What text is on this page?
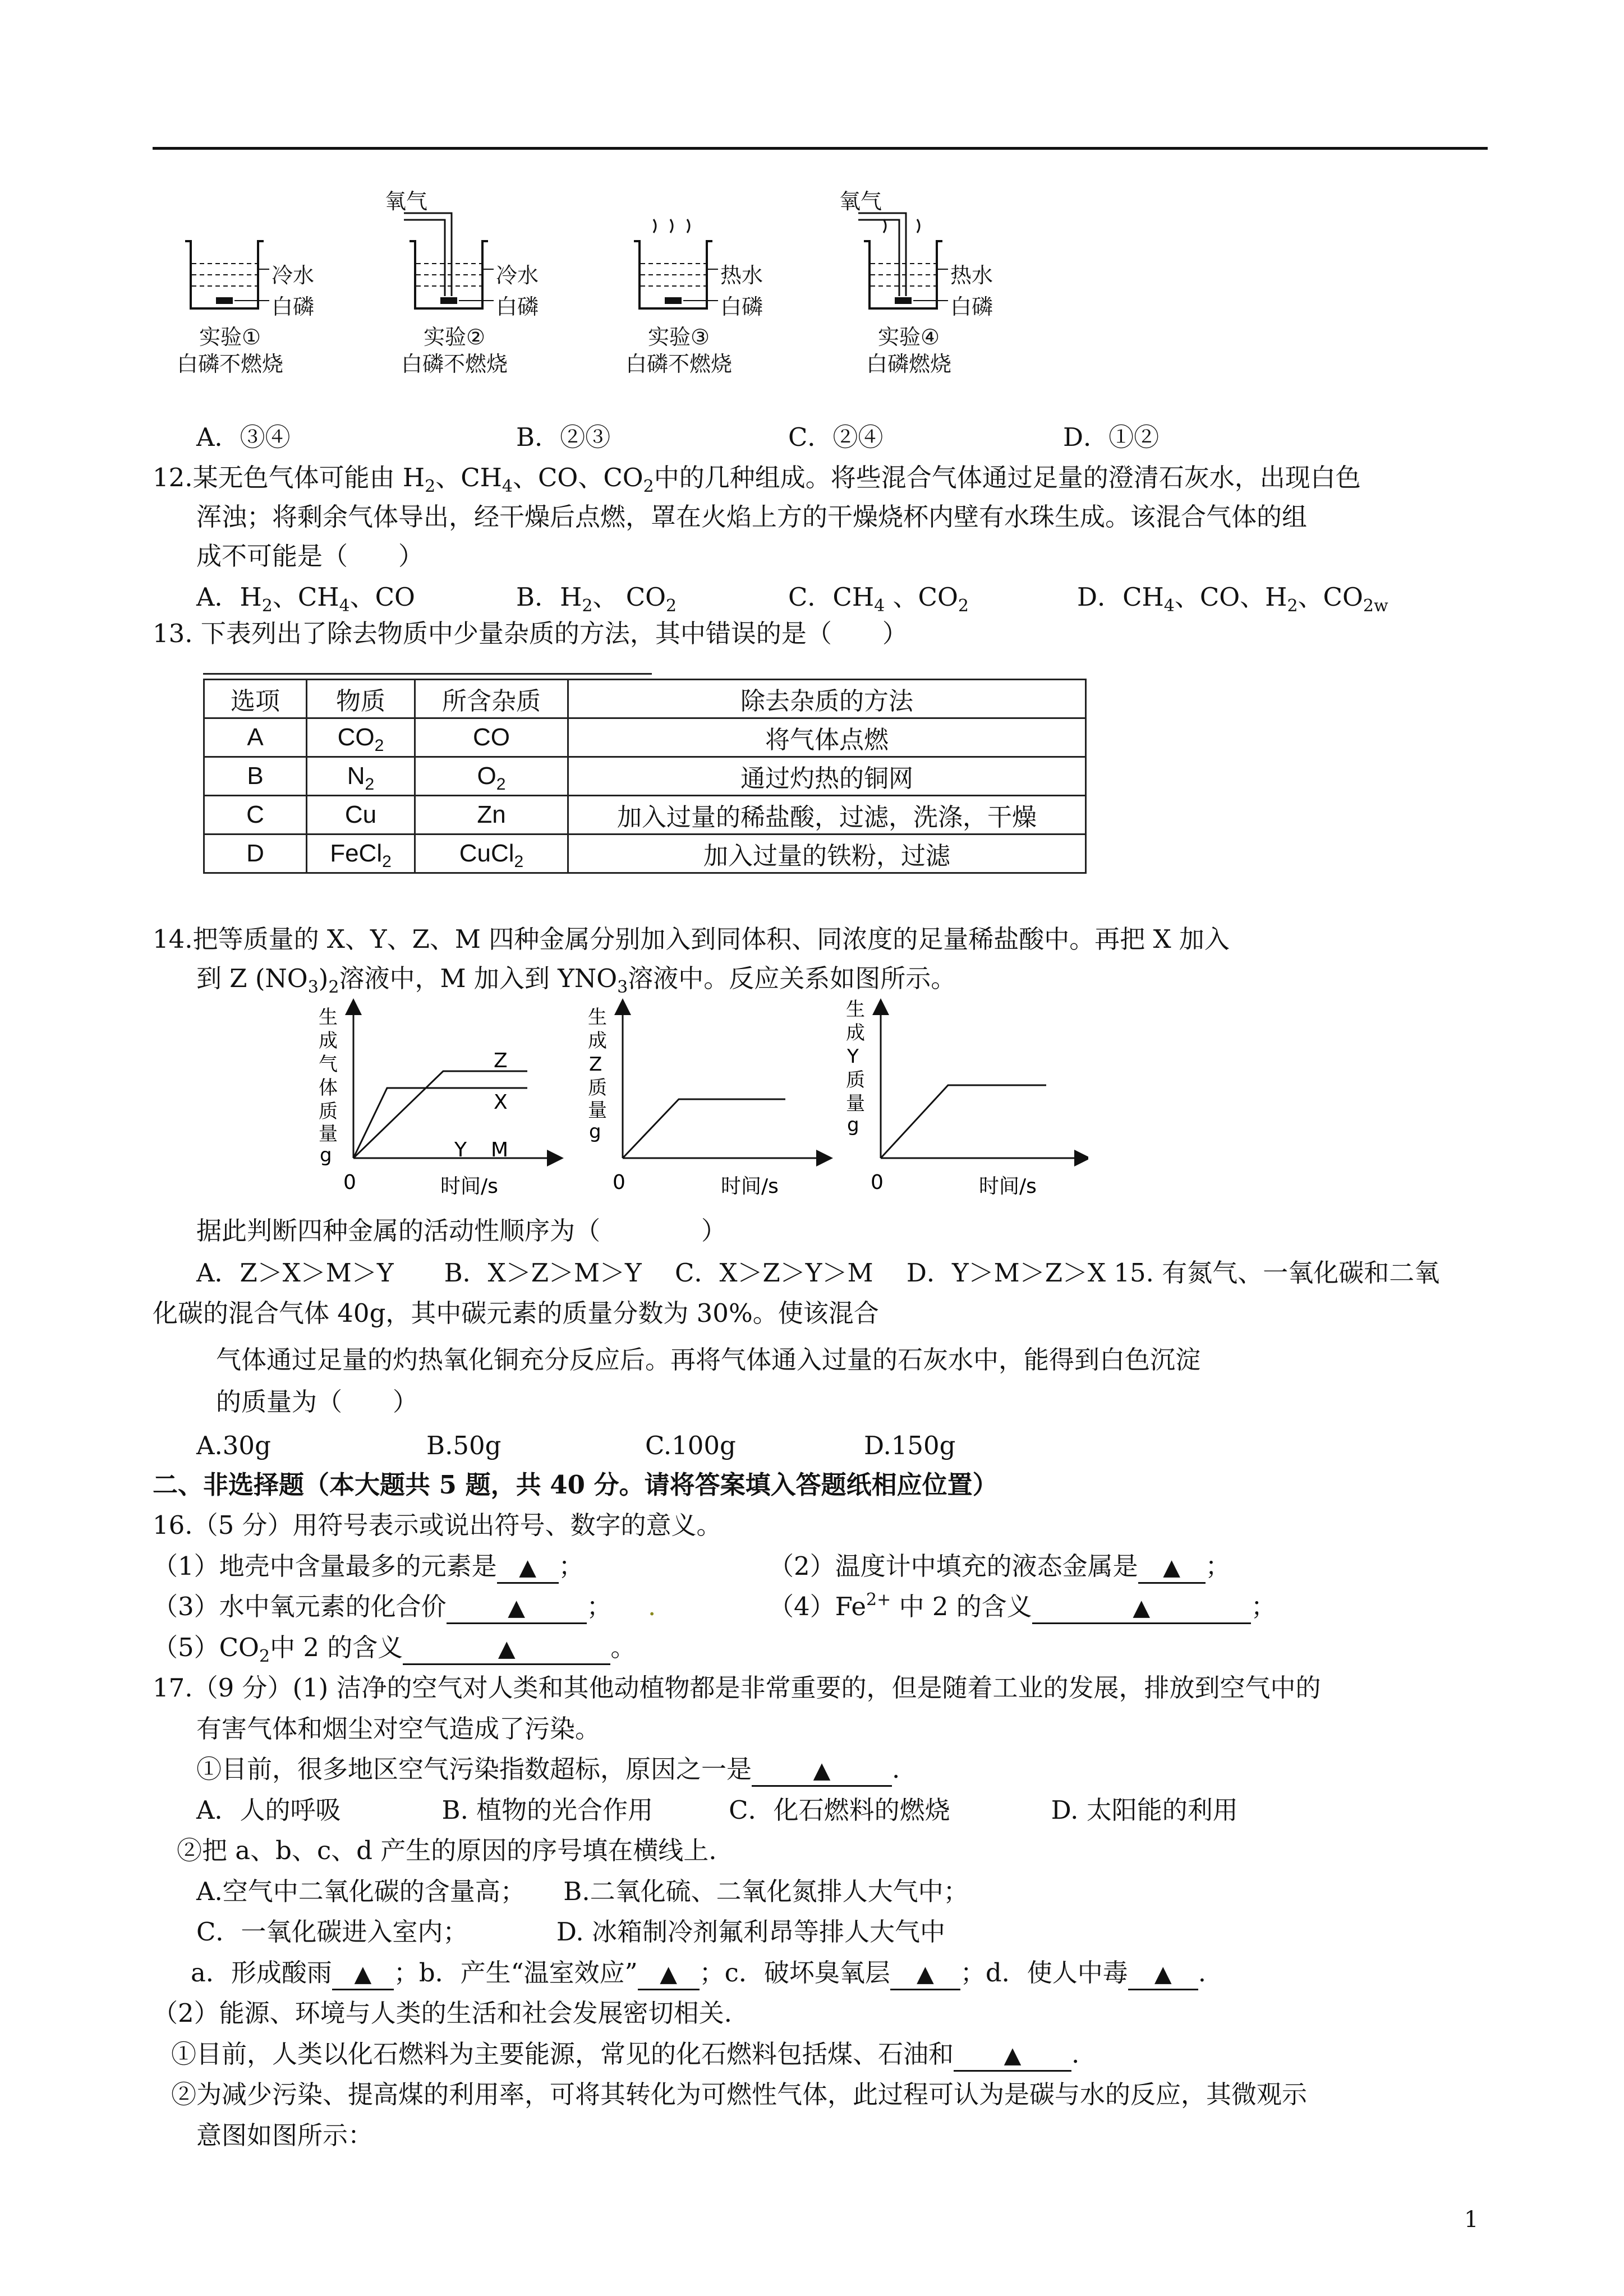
冷水
白磷
实验①
白磷不燃烧
氧气
冷水
白磷
实验②
白磷不燃烧
热水
白磷
实验③
白磷不燃烧
氧气
热水
白磷
实验④
白磷燃烧
A．③④	B．②③	C．②④	D．①②
12.某无色气体可能由 $H_2$、$CH_4$、CO、$CO_2$中的几种组成。将些混合气体通过足量的澄清石灰水，出现白色
浑浊；将剩余气体导出，经干燥后点燃，罩在火焰上方的干燥烧杯内壁有水珠生成。该混合气体的组
成不可能是（　　）
A．$H_2$、$CH_4$、CO	B．$H_2$、 $CO_2$	C．$CH_4$ 、$CO_2$	D．$CH_4$、CO、$H_2$、$CO_{2w}$
13. 下表列出了除去物质中少量杂质的方法，其中错误的是（　　）
选项	物质	所含杂质	除去杂质的方法
A	$CO_2$	CO	将气体点燃
B	$N_2$	$O_2$	通过灼热的铜网
C	Cu	Zn	加入过量的稀盐酸，过滤，洗涤，干燥
D	FeCl$_2$	CuCl$_2$	加入过量的铁粉，过滤
14.把等质量的 X、Y、Z、M 四种金属分别加入到同体积、同浓度的足量稀盐酸中。再把 X 加入
到 Z $(NO_3)_2$溶液中，M 加入到 $YNO_3$溶液中。反应关系如图所示。
Z
X
Y M
0	时间/s
生
成
气
体
质
量
g
0	时间/s
生
成
Z
质
量
g
0	时间/s
生
成
Y
质
量
g
据此判断四种金属的活动性顺序为（　　　　）
A．Z＞X＞M＞Y　　B．X＞Z＞M＞Y　 C．X＞Z＞Y＞M　 D．Y＞M＞Z＞X 15. 有氮气、一氧化碳和二氧
化碳的混合气体 40g，其中碳元素的质量分数为 30%。使该混合
气体通过足量的灼热氧化铜充分反应后。再将气体通入过量的石灰水中，能得到白色沉淀
的质量为（　　）
A.30g	B.50g	C.100g	D.150g
二、非选择题（本大题共 5 题，共 40 分。请将答案填入答题纸相应位置）
16.（5 分）用符号表示或说出符号、数字的意义。
（1）地壳中含量最多的元素是 ▲ ；	（2）温度计中填充的液态金属是 ▲ ；
（3）水中氧元素的化合价	▲ ； .	$(4)Fe^{2+}$ 中 2 的含义	▲	；
$(5)CO_2$中 2 的含义	▲	。
17.（9 分）(1) 洁净的空气对人类和其他动植物都是非常重要的，但是随着工业的发展，排放到空气中的
有害气体和烟尘对空气造成了污染。
①目前，很多地区空气污染指数超标，原因之一是	▲ .
A．人的呼吸　　　　B. 植物的光合作用　　　C．化石燃料的燃烧　　　　D. 太阳能的利用
②把 a、b、c、d 产生的原因的序号填在横线上.
A.空气中二氧化碳的含量高；　　B.二氧化硫、二氧化氮排人大气中；
C．一氧化碳进入室内；　　　　D. 冰箱制冷剂氟利昂等排人大气中
a．形成酸雨 ▲ ；b．产生“温室效应” ▲ ；c．破坏臭氧层 ▲ ；d．使人中毒 ▲ .
（2）能源、环境与人类的生活和社会发展密切相关.
①目前，人类以化石燃料为主要能源，常见的化石燃料包括煤、石油和 ▲ .
②为减少污染、提高煤的利用率，可将其转化为可燃性气体，此过程可认为是碳与水的反应，其微观示
意图如图所示：
1
